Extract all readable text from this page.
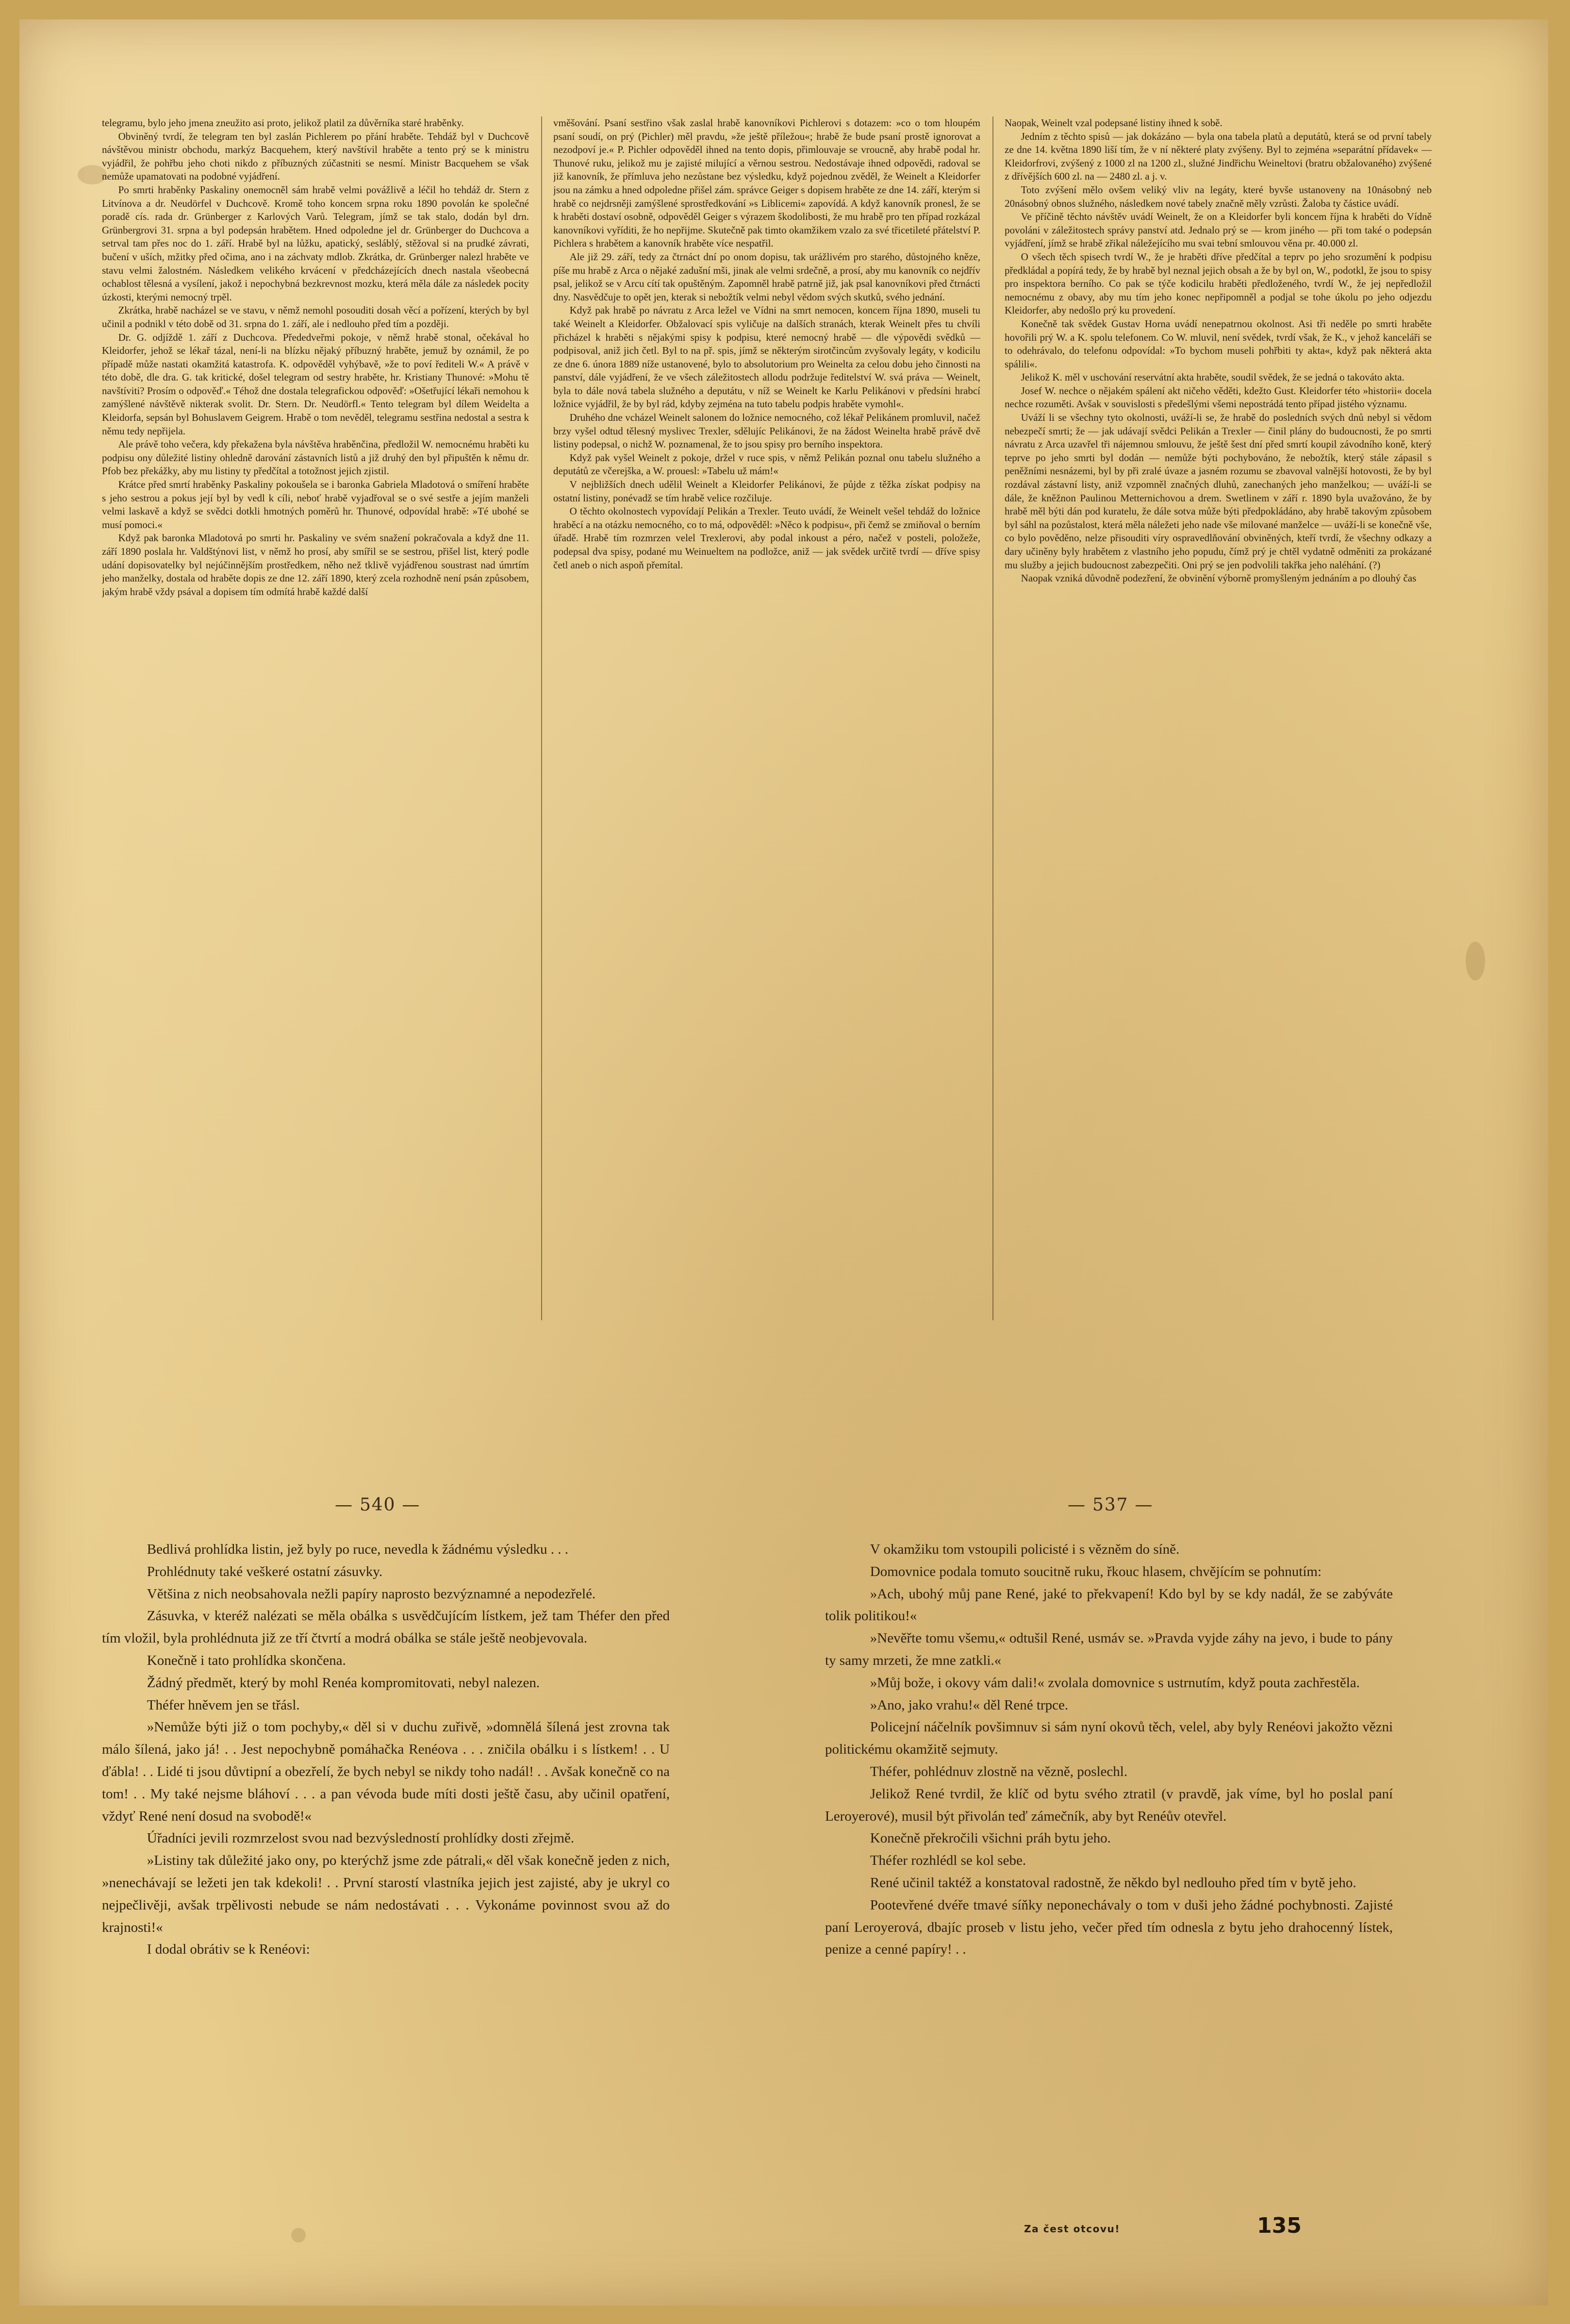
telegramu, bylo jeho jmena zneužito asi proto, jelikož platil za důvěrníka staré hraběnky.

Obviněný tvrdí, že telegram ten byl zaslán Pichlerem po přání hraběte. Tehdáž byl v Duchcově návštěvou ministr obchodu, markýz Bacquehem, který navštívil hraběte a tento prý se k ministru vyjádřil, že pohřbu jeho choti nikdo z příbuzných zúčastniti se nesmí. Ministr Bacquehem se však nemůže upamatovati na podobné vyjádření.

Po smrti hraběnky Paskaliny onemocněl sám hrabě velmi povážlivě a léčil ho tehdáž dr. Stern z Litvínova a dr. Neudörfel v Duchcově. Kromě toho koncem srpna roku 1890 povolán ke společné poradě cís. rada dr. Grünberger z Karlových Varů. Telegram, jímž se tak stalo, dodán byl drn. Grünbergrovi 31. srpna a byl podepsán hrabětem. Hned odpoledne jel dr. Grünberger do Duchcova a setrval tam přes noc do 1. září. Hrabě byl na lůžku, apatický, sesláblý, stěžoval si na prudké závrati, bučení v uších, mžitky před očima, ano i na záchvaty mdlob. Zkrátka, dr. Grünberger nalezl hraběte ve stavu velmi žalostném. Následkem velikého krvácení v předcházejících dnech nastala všeobecná ochablost tělesná a vysílení, jakož i nepochybná bezkrevnost mozku, která měla dále za následek pocity úzkosti, kterými nemocný trpěl.

Zkrátka, hrabě nacházel se ve stavu, v němž nemohl posouditi dosah věcí a pořízení, kterých by byl učinil a podnikl v této době od 31. srpna do 1. září, ale i nedlouho před tím a později.

Dr. G. odjíždě 1. září z Duchcova. Přededveřmi pokoje, v němž hrabě stonal, očekával ho Kleidorfer, jehož se lékař tázal, není-li na blízku nějaký příbuzný hraběte, jemuž by oznámil, že po případě může nastati okamžitá katastrofa. K. odpověděl vyhýbavě, »že to poví řediteli W.« A právě v této době, dle dra. G. tak kritické, došel telegram od sestry hraběte, hr. Kristiany Thunové: »Mohu tě navštíviti? Prosím o odpověď.« Téhož dne dostala telegrafickou odpověď: »Ošetřující lékaři nemohou k zamýšlené návštěvě nikterak svolit. Dr. Stern. Dr. Neudörfl.« Tento telegram byl dílem Weidelta a Kleidorfa, sepsán byl Bohuslavem Geigrem. Hrabě o tom nevěděl, telegramu sestřina nedostal a sestra k němu tedy nepřijela.

Ale právě toho večera, kdy překažena byla návštěva hraběnčina, předložil W. nemocnému hraběti ku podpisu ony důležité listiny ohledně darování zástavních listů a již druhý den byl připuštěn k němu dr. Pfob bez překážky, aby mu listiny ty předčítal a totožnost jejich zjistil.

Krátce před smrtí hraběnky Paskaliny pokoušela se i baronka Gabriela Mladotová o smíření hraběte s jeho sestrou a pokus její byl by vedl k cíli, neboť hrabě vyjadřoval se o své sestře a jejím manželi velmi laskavě a když se svědci dotkli hmotných poměrů hr. Thunové, odpovídal hrabě: »Té ubohé se musí pomoci.«

Když pak baronka Mladotová po smrti hr. Paskaliny ve svém snažení pokračovala a když dne 11. září 1890 poslala hr. Valdštýnovi list, v němž ho prosí, aby smířil se se sestrou, přišel list, který podle udání dopisovatelky byl nejúčinnějším prostředkem, něho než tklivě vyjádřenou soustrast nad úmrtím jeho manželky, dostala od hraběte dopis ze dne 12. září 1890, který zcela rozhodně není psán způsobem, jakým hrabě vždy psával a dopisem tím odmítá hrabě každé další

vměšování. Psaní sestřino však zaslal hrabě kanovníkovi Pichlerovi s dotazem: »co o tom hloupém psaní soudí, on prý (Pichler) měl pravdu, »že ještě příležou«; hrabě že bude psaní prostě ignorovat a nezodpoví je.« P. Pichler odpověděl ihned na tento dopis, přimlouvaje se vroucně, aby hrabě podal hr. Thunové ruku, jelikož mu je zajisté milující a věrnou sestrou. Nedostávaje ihned odpovědi, radoval se již kanovník, že přímluva jeho nezůstane bez výsledku, když pojednou zvěděl, že Weinelt a Kleidorfer jsou na zámku a hned odpoledne přišel zám. správce Geiger s dopisem hraběte ze dne 14. září, kterým si hrabě co nejdrsněji zamýšlené sprostředkování »s Liblicemi« zapovídá. A když kanovník pronesl, že se k hraběti dostaví osobně, odpověděl Geiger s výrazem škodolibosti, že mu hrabě pro ten případ rozkázal kanovníkovi vyříditi, že ho nepřijme. Skutečně pak timto okamžikem vzalo za své třicetileté přátelství P. Pichlera s hrabětem a kanovník hraběte více nespatřil.

Ale již 29. září, tedy za čtrnáct dní po onom dopisu, tak urážlivém pro starého, důstojného kněze, píše mu hrabě z Arca o nějaké zadušní mši, jinak ale velmi srdečně, a prosí, aby mu kanovník co nejdřív psal, jelikož se v Arcu cítí tak opuštěným. Zapomněl hrabě patrně již, jak psal kanovníkovi před čtrnácti dny. Nasvědčuje to opět jen, kterak si nebožtík velmi nebyl vědom svých skutků, svého jednání.

Když pak hrabě po návratu z Arca ležel ve Vídni na smrt nemocen, koncem října 1890, museli tu také Weinelt a Kleidorfer. Obžalovací spis vyličuje na dalších stranách, kterak Weinelt přes tu chvíli přicházel k hraběti s nějakými spisy k podpisu, které nemocný hrabě — dle výpovědi svědků — podpisoval, aniž jich četl. Byl to na př. spis, jímž se některým sirotčincům zvyšovaly legáty, v kodicilu ze dne 6. února 1889 níže ustanovené, bylo to absolutorium pro Weinelta za celou dobu jeho činnosti na panství, dále vyjádření, že ve všech záležitostech allodu podržuje ředitelství W. svá práva — Weinelt, byla to dále nová tabela služného a deputátu, v níž se Weinelt ke Karlu Pelikánovi v předsíni hrabcí ložnice vyjádřil, že by byl rád, kdyby zejména na tuto tabelu podpis hraběte vymohl«.

Druhého dne vcházel Weinelt salonem do ložnice nemocného, což lékař Pelikánem promluvil, načež brzy vyšel odtud tělesný myslivec Trexler, sdělujíc Pelikánovi, že na žádost Weinelta hrabě právě dvě listiny podepsal, o nichž W. poznamenal, že to jsou spisy pro berního inspektora.

Když pak vyšel Weinelt z pokoje, držel v ruce spis, v němž Pelikán poznal onu tabelu služného a deputátů ze včerejška, a W. prouesl: »Tabelu už mám!«

V nejbližších dnech udělil Weinelt a Kleidorfer Pelikánovi, že půjde z těžka získat podpisy na ostatní listiny, ponévadž se tím hrabě velice rozčiluje.

O těchto okolnostech vypovídají Pelikán a Trexler. Teuto uvádí, že Weinelt vešel tehdáž do ložnice hraběcí a na otázku nemocného, co to má, odpověděl: »Něco k podpisu«, při čemž se zmiňoval o berním úřadě. Hrabě tím rozmrzen velel Trexlerovi, aby podal inkoust a péro, načež v posteli, položeže, podepsal dva spisy, podané mu Weinueltem na podložce, aniž — jak svědek určitě tvrdí — dříve spisy četl aneb o nich aspoň přemítal.

Naopak, Weinelt vzal podepsané listiny ihned k sobě.

Jedním z těchto spisů — jak dokázáno — byla ona tabela platů a deputátů, která se od první tabely ze dne 14. května 1890 liší tím, že v ní některé platy zvýšeny. Byl to zejména »separátní přídavek« — Kleidorfrovi, zvýšený z 1000 zl na 1200 zl., služné Jindřichu Weineltovi (bratru obžalovaného) zvýšené z dřívějších 600 zl. na — 2480 zl. a j. v.

Toto zvýšení mělo ovšem veliký vliv na legáty, které byvše ustanoveny na 10násobný neb 20násobný obnos služného, následkem nové tabely značně měly vzrůsti. Žaloba ty částice uvádí.

Ve příčině těchto návštěv uvádí Weinelt, že on a Kleidorfer byli koncem října k hraběti do Vídně povoláni v záležitostech správy panství atd. Jednalo prý se — krom jiného — při tom také o podepsán vyjádření, jímž se hrabě zřikal náležejícího mu svai tební smlouvou věna pr. 40.000 zl.

O všech těch spisech tvrdí W., že je hraběti dříve předčítal a teprv po jeho srozumění k podpisu předkládal a popírá tedy, že by hrabě byl neznal jejich obsah a že by byl on, W., podotkl, že jsou to spisy pro inspektora berního. Co pak se týče kodicilu hraběti předloženého, tvrdí W., že jej nepředložil nemocnému z obavy, aby mu tím jeho konec nepřipomněl a podjal se tohe úkolu po jeho odjezdu Kleidorfer, aby nedošlo prý ku provedení.

Konečně tak svědek Gustav Horna uvádí nenepatrnou okolnost. Asi tři neděle po smrti hraběte hovořili prý W. a K. spolu telefonem. Co W. mluvil, není svědek, tvrdí však, že K., v jehož kanceláři se to odehrávalo, do telefonu odpovídal: »To bychom museli pohřbiti ty akta«, když pak některá akta spálili«.

Jelikož K. měl v uschování reservátní akta hraběte, soudil svědek, že se jedná o takováto akta.

Josef W. nechce o nějakém spálení akt ničeho věděti, kdežto Gust. Kleidorfer této »historii« docela nechce rozuměti. Avšak v souvislosti s předešlými všemi nepostrádá tento případ jistého významu.

Uváží li se všechny tyto okolnosti, uváží-li se, že hrabě do posledních svých dnů nebyl si vědom nebezpečí smrti; že — jak udávají svědci Pelikán a Trexler — činil plány do budoucnosti, že po smrti návratu z Arca uzavřel tři nájemnou smlouvu, že ještě šest dní před smrtí koupil závodního koně, který teprve po jeho smrti byl dodán — nemůže býti pochybováno, že nebožtík, který stále zápasil s peněžními nesnázemi, byl by při zralé úvaze a jasném rozumu se zbavoval valnější hotovosti, že by byl rozdával zástavní listy, aniž vzpomněl značných dluhů, zanechaných jeho manželkou; — uváží-li se dále, že kněžnon Paulinou Metternichovou a drem. Swetlinem v září r. 1890 byla uvažováno, že by hrabě měl býti dán pod kuratelu, že dále sotva může býti předpokládáno, aby hrabě takovým způsobem byl sáhl na pozůstalost, která měla náležeti jeho nade vše milované manželce — uváží-li se konečně vše, co bylo pověděno, nelze přisouditi víry ospravedlňování obviněných, kteří tvrdí, že všechny odkazy a dary učiněny byly hrabětem z vlastního jeho popudu, čímž prý je chtěl vydatně odměniti za prokázané mu služby a jejich budoucnost zabezpečiti. Oni prý se jen podvolili takřka jeho naléhání. (?)

Naopak vzniká důvodně podezření, že obvinění výborně promyšleným jednáním a po dlouhý čas

— 540 —	— 537 —

Bedlivá prohlídka listin, jež byly po ruce, nevedla k žádnému výsledku . . .

Prohlédnuty také veškeré ostatní zásuvky.

Většina z nich neobsahovala nežli papíry naprosto bezvýznamné a nepodezřelé.

Zásuvka, v kteréž nalézati se měla obálka s usvědčujícím lístkem, jež tam Théfer den před tím vložil, byla prohlédnuta již ze tří čtvrtí a modrá obálka se stále ještě neobjevovala.

Konečně i tato prohlídka skončena.

Žádný předmět, který by mohl Renéa kompromitovati, nebyl nalezen.

Théfer hněvem jen se třásl.

»Nemůže býti již o tom pochyby,« děl si v duchu zuřivě, »domnělá šílená jest zrovna tak málo šílená, jako já! . . Jest nepochybně pomáhačka Renéova . . . zničila obálku i s lístkem! . . U ďábla! . . Lidé ti jsou důvtipní a obezřelí, že bych nebyl se nikdy toho nadál! . . Avšak konečně co na tom! . . My také nejsme bláhoví . . . a pan vévoda bude míti dosti ještě času, aby učinil opatření, vždyť René není dosud na svobodě!«

Úřadníci jevili rozmrzelost svou nad bezvýsledností prohlídky dosti zřejmě.

»Listiny tak důležité jako ony, po kterýchž jsme zde pátrali,« děl však konečně jeden z nich, »nenechávají se ležeti jen tak kdekoli! . . První starostí vlastníka jejich jest zajisté, aby je ukryl co nejpečlivěji, avšak trpělivosti nebude se nám nedostávati . . . Vykonáme povinnost svou až do krajnosti!«

I dodal obrátiv se k Renéovi:

V okamžiku tom vstoupili policisté i s vězněm do síně.

Domovnice podala tomuto soucitně ruku, řkouc hlasem, chvějícím se pohnutím:

»Ach, ubohý můj pane René, jaké to překvapení! Kdo byl by se kdy nadál, že se zabýváte tolik politikou!«

»Nevěřte tomu všemu,« odtušil René, usmáv se. »Pravda vyjde záhy na jevo, i bude to pány ty samy mrzeti, že mne zatkli.«

»Můj bože, i okovy vám dali!« zvolala domovnice s ustrnutím, když pouta zachřestěla.

»Ano, jako vrahu!« děl René trpce.

Policejní náčelník povšimnuv si sám nyní okovů těch, velel, aby byly Renéovi jakožto vězni politickému okamžitě sejmuty.

Théfer, pohlédnuv zlostně na vězně, poslechl.

Jelikož René tvrdil, že klíč od bytu svého ztratil (v pravdě, jak víme, byl ho poslal paní Leroyerové), musil být přivolán teď zámečník, aby byt Renéův otevřel.

Konečně překročili všichni práh bytu jeho.

Théfer rozhlédl se kol sebe.

René učinil taktéž a konstatoval radostně, že někdo byl nedlouho před tím v bytě jeho.

Pootevřené dvéře tmavé síňky neponechávaly o tom v duši jeho žádné pochybnosti. Zajisté paní Leroyerová, dbajíc proseb v listu jeho, večer před tím odnesla z bytu jeho drahocenný lístek, penize a cenné papíry! . .

Za čest otcovu!	135
